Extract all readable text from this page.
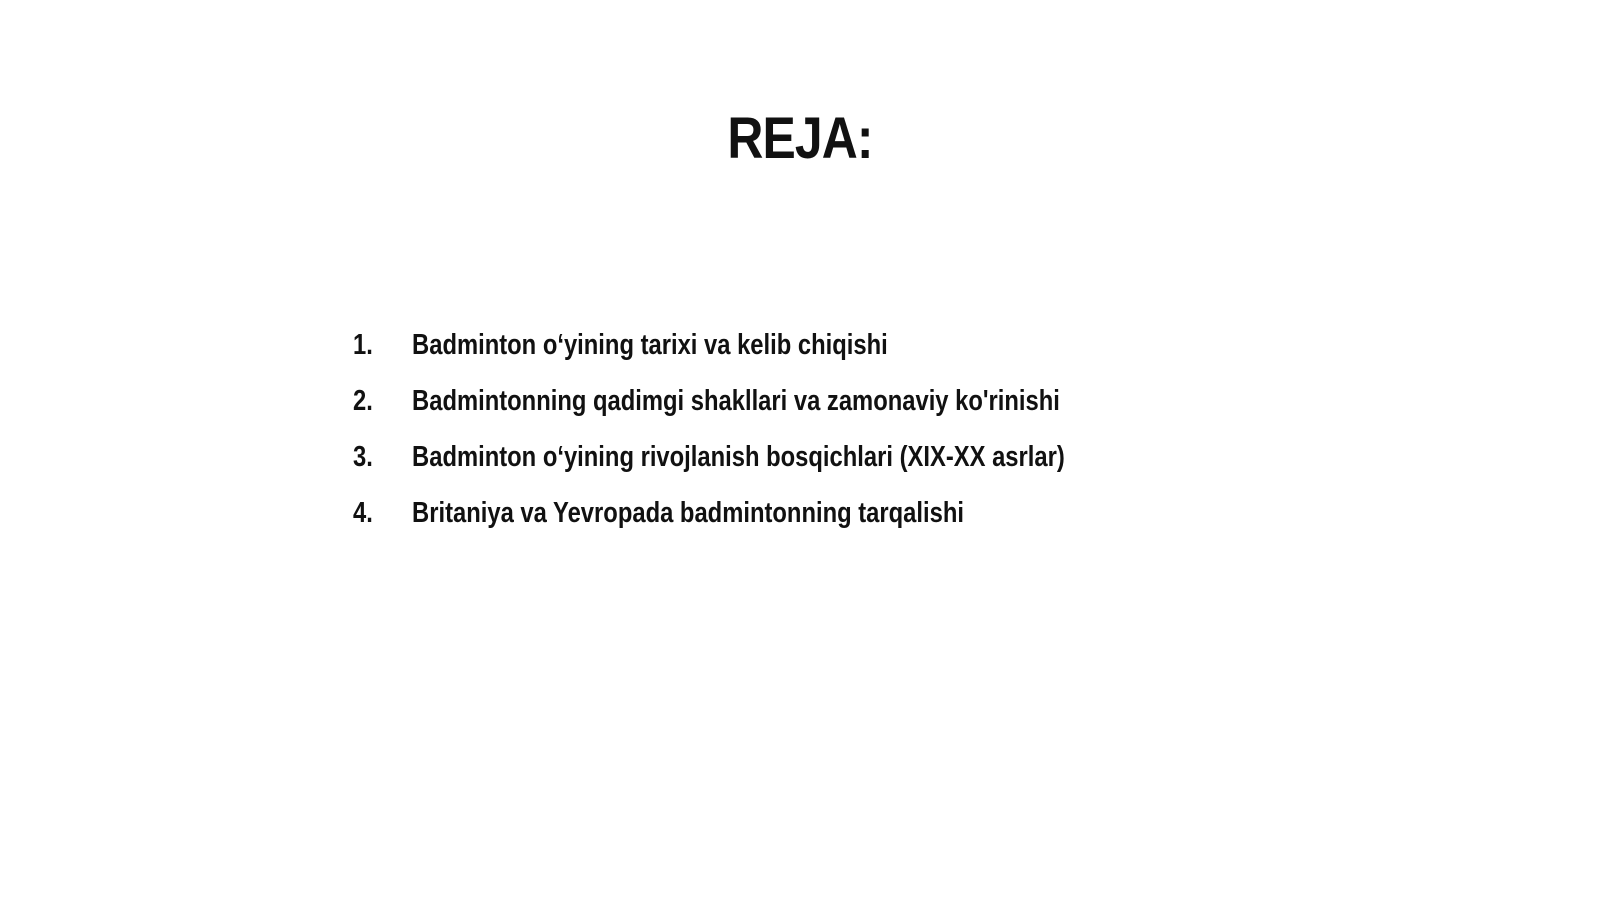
REJA:
1.	Badminton o‘yining tarixi va kelib chiqishi
2.	Badmintonning qadimgi shakllari va zamonaviy ko'rinishi
3.	Badminton o‘yining rivojlanish bosqichlari (XIX-XX asrlar)
4.	Britaniya va Yevropada badmintonning tarqalishi
